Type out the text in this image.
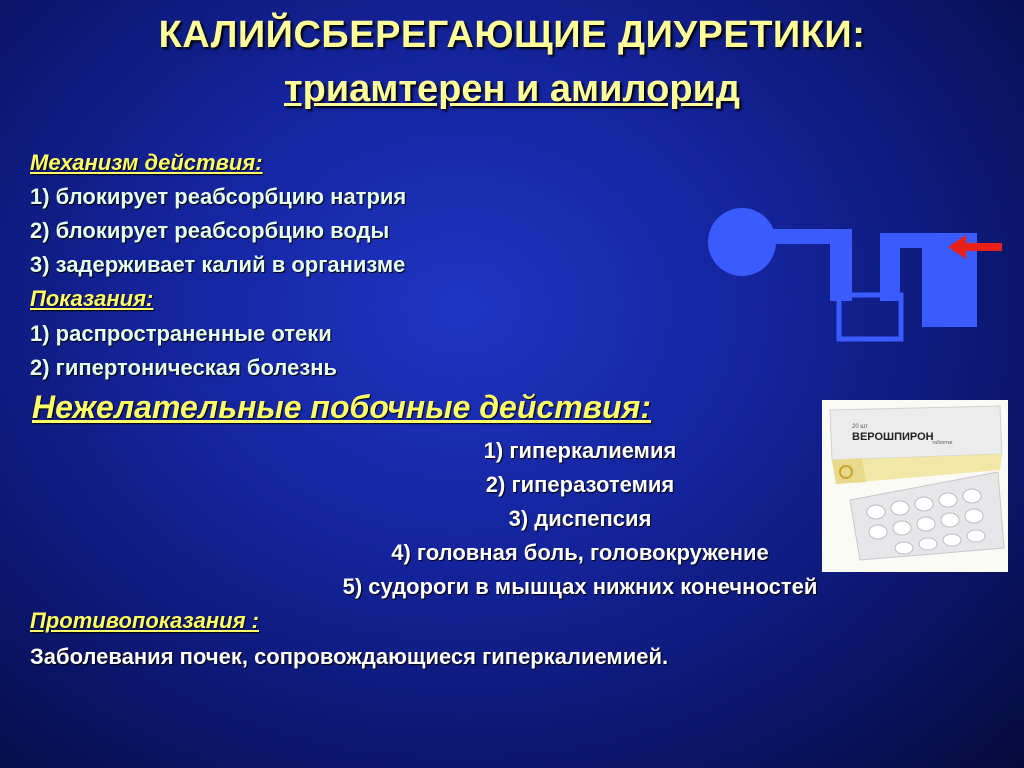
КАЛИЙСБЕРЕГАЮЩИЕ ДИУРЕТИКИ:
триамтерен и амилорид
Механизм действия:
1) блокирует реабсорбцию натрия
2) блокирует реабсорбцию воды
3) задерживает калий в организме
Показания:
1) распространенные отеки
2) гипертоническая болезнь
Нежелательные побочные действия:
1) гиперкалиемия
2) гиперазотемия
3) диспепсия
4) головная боль, головокружение
5) судороги в мышцах нижних конечностей
Противопоказания :
Заболевания почек, сопровождающиеся гиперкалиемией.
20 шт
ВЕРОШПИРОН
таблетки
